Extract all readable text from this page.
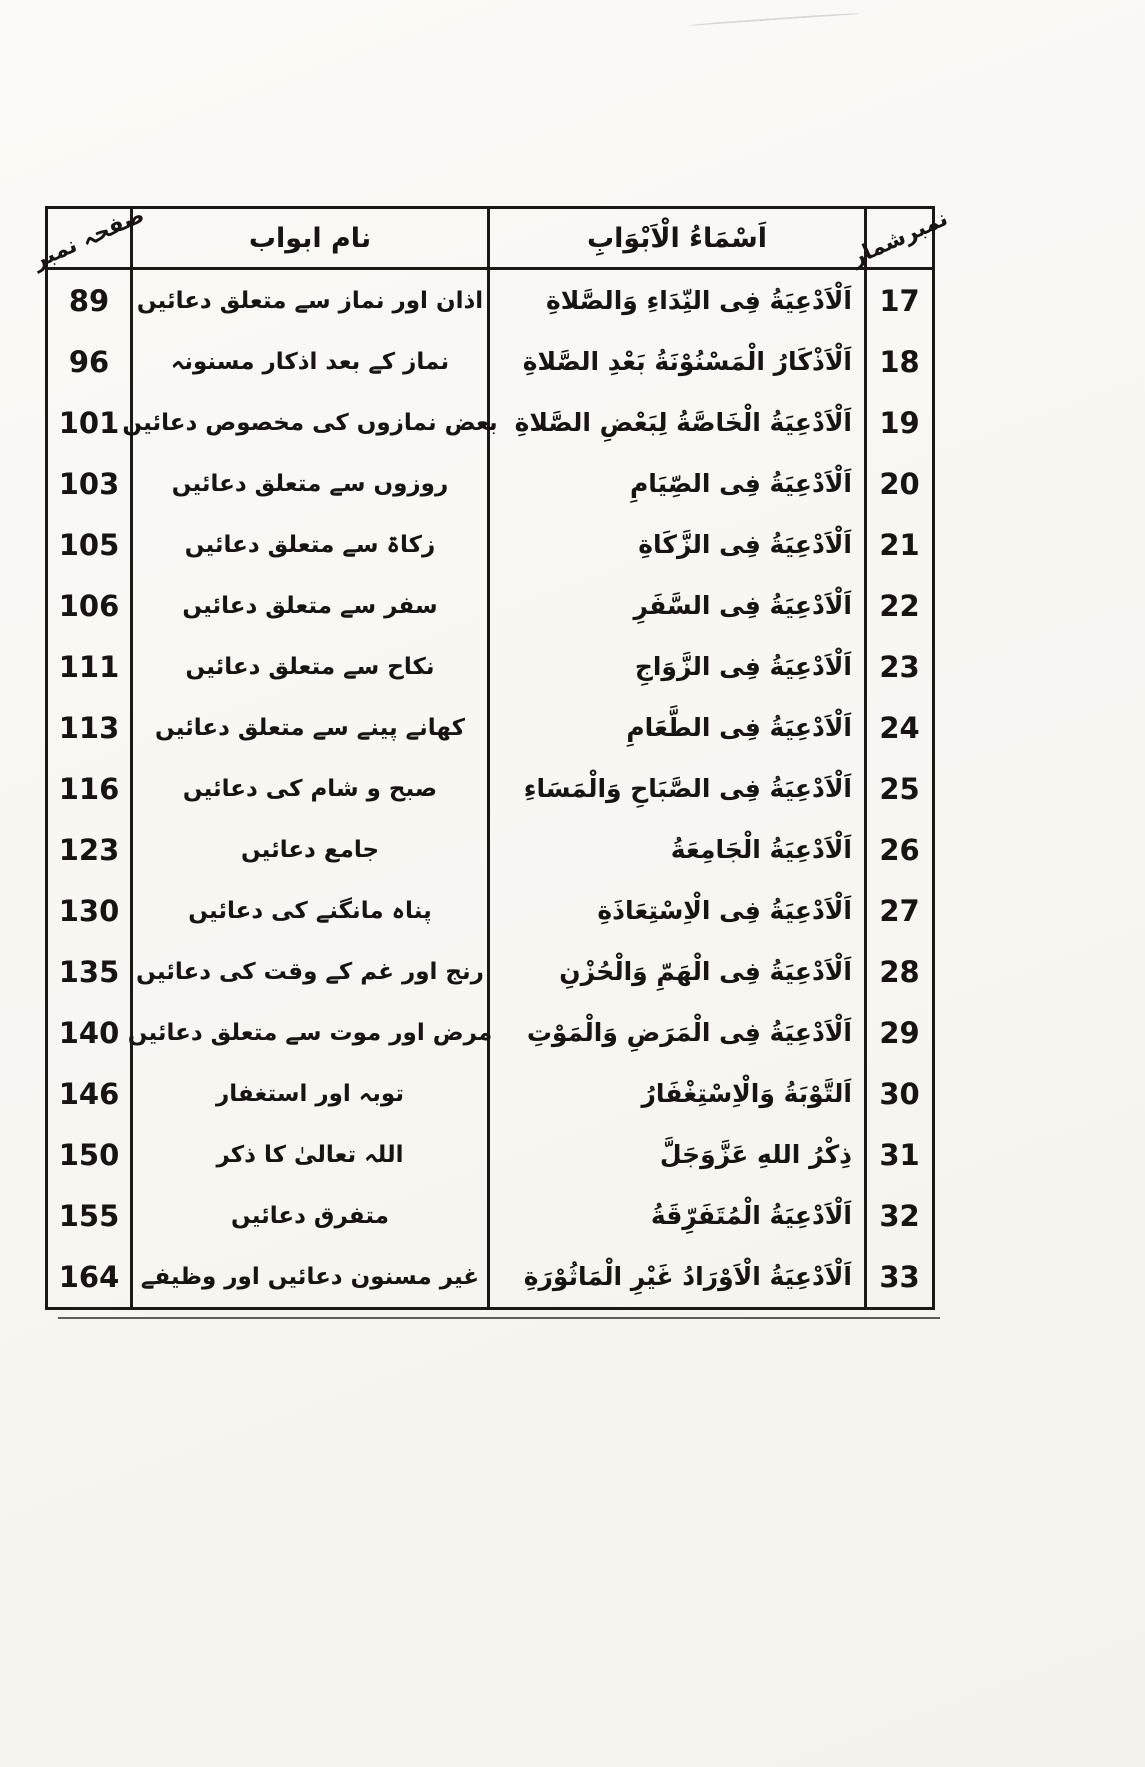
نمبرشمار
اَسْمَاءُ الْاَبْوَابِ
نام ابواب
صفحہ نمبر
17
اَلْاَدْعِيَةُ فِى النِّدَاءِ وَالصَّلاةِ
اذان اور نماز سے متعلق دعائیں
89
18
اَلْاَذْكَارُ الْمَسْنُوْنَةُ بَعْدِ الصَّلاةِ
نماز کے بعد اذکار مسنونہ
96
19
اَلْاَدْعِيَةُ الْخَاصَّةُ لِبَعْضِ الصَّلاةِ
بعض نمازوں کی مخصوص دعائیں
101
20
اَلْاَدْعِيَةُ فِى الصِّيَامِ
روزوں سے متعلق دعائیں
103
21
اَلْاَدْعِيَةُ فِى الزَّكَاةِ
زکاۃ سے متعلق دعائیں
105
22
اَلْاَدْعِيَةُ فِى السَّفَرِ
سفر سے متعلق دعائیں
106
23
اَلْاَدْعِيَةُ فِى الزَّوَاجِ
نکاح سے متعلق دعائیں
111
24
اَلْاَدْعِيَةُ فِى الطَّعَامِ
کھانے پینے سے متعلق دعائیں
113
25
اَلْاَدْعِيَةُ فِى الصَّبَاحِ وَالْمَسَاءِ
صبح و شام کی دعائیں
116
26
اَلْاَدْعِيَةُ الْجَامِعَةُ
جامع دعائیں
123
27
اَلْاَدْعِيَةُ فِى الْاِسْتِعَاذَةِ
پناہ مانگنے کی دعائیں
130
28
اَلْاَدْعِيَةُ فِى الْهَمِّ وَالْحُزْنِ
رنج اور غم کے وقت کی دعائیں
135
29
اَلْاَدْعِيَةُ فِى الْمَرَضِ وَالْمَوْتِ
مرض اور موت سے متعلق دعائیں
140
30
اَلتَّوْبَةُ وَالْاِسْتِغْفَارُ
توبہ اور استغفار
146
31
ذِكْرُ اللهِ عَزَّوَجَلَّ
اللہ تعالیٰ کا ذکر
150
32
اَلْاَدْعِيَةُ الْمُتَفَرِّقَةُ
متفرق دعائیں
155
33
اَلْاَدْعِيَةُ الْاَوْرَادُ غَيْرِ الْمَاثُوْرَةِ
غیر مسنون دعائیں اور وظیفے
164
